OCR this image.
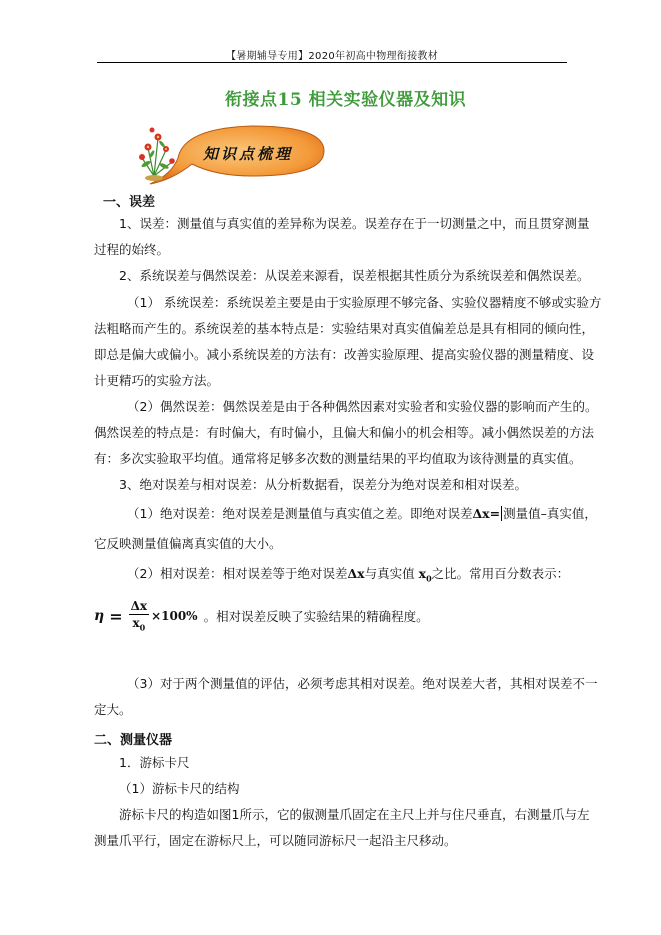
【暑期辅导专用】2020年初高中物理衔接教材
衔接点15 相关实验仪器及知识
知识点梳理
一、误差
1、误差：测量值与真实值的差异称为误差。误差存在于一切测量之中，而且贯穿测量
过程的始终。
2、系统误差与偶然误差：从误差来源看，误差根据其性质分为系统误差和偶然误差。
（1） 系统误差：系统误差主要是由于实验原理不够完备、实验仪器精度不够或实验方
法粗略而产生的。系统误差的基本特点是：实验结果对真实值偏差总是具有相同的倾向性，
即总是偏大或偏小。减小系统误差的方法有：改善实验原理、提高实验仪器的测量精度、设
计更精巧的实验方法。
（2）偶然误差：偶然误差是由于各种偶然因素对实验者和实验仪器的影响而产生的。
偶然误差的特点是：有时偏大，有时偏小，且偏大和偏小的机会相等。减小偶然误差的方法
有：多次实验取平均值。通常将足够多次数的测量结果的平均值取为该待测量的真实值。
3、绝对误差与相对误差：从分析数据看，误差分为绝对误差和相对误差。
（1）绝对误差：绝对误差是测量值与真实值之差。即绝对误差Δx= 测量值–真实值，
它反映测量值偏离真实值的大小。
（2）相对误差：相对误差等于绝对误差Δx与真实值 $x_0$之比。常用百分数表示：
$\eta = \frac{\Delta x}{x_0} \times 100\%$ 。相对误差反映了实验结果的精确程度。
（3）对于两个测量值的评估，必须考虑其相对误差。绝对误差大者，其相对误差不一
定大。
二、测量仪器
1．游标卡尺
（1）游标卡尺的结构
游标卡尺的构造如图1所示，它的俶测量爪固定在主尺上并与住尺垂直，右测量爪与左
测量爪平行，固定在游标尺上，可以随同游标尺一起沿主尺移动。
